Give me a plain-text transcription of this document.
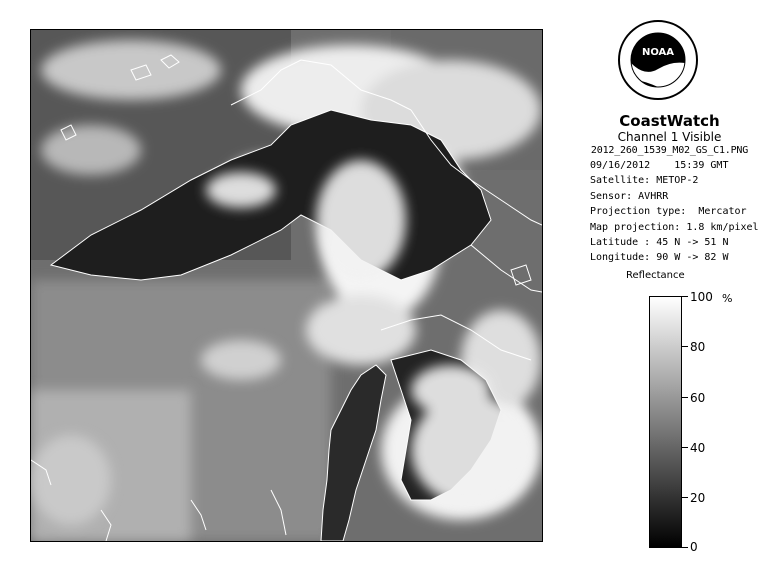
NOAA
CoastWatch
Channel 1 Visible
2012_260_1539_M02_GS_C1.PNG
09/16/2012    15:39 GMT
Satellite: METOP-2
Sensor: AVHRR
Projection type:  Mercator
Map projection: 1.8 km/pixel
Latitude : 45 N -> 51 N
Longitude: 90 W -> 82 W
Reflectance
%
100
80
60
40
20
0
